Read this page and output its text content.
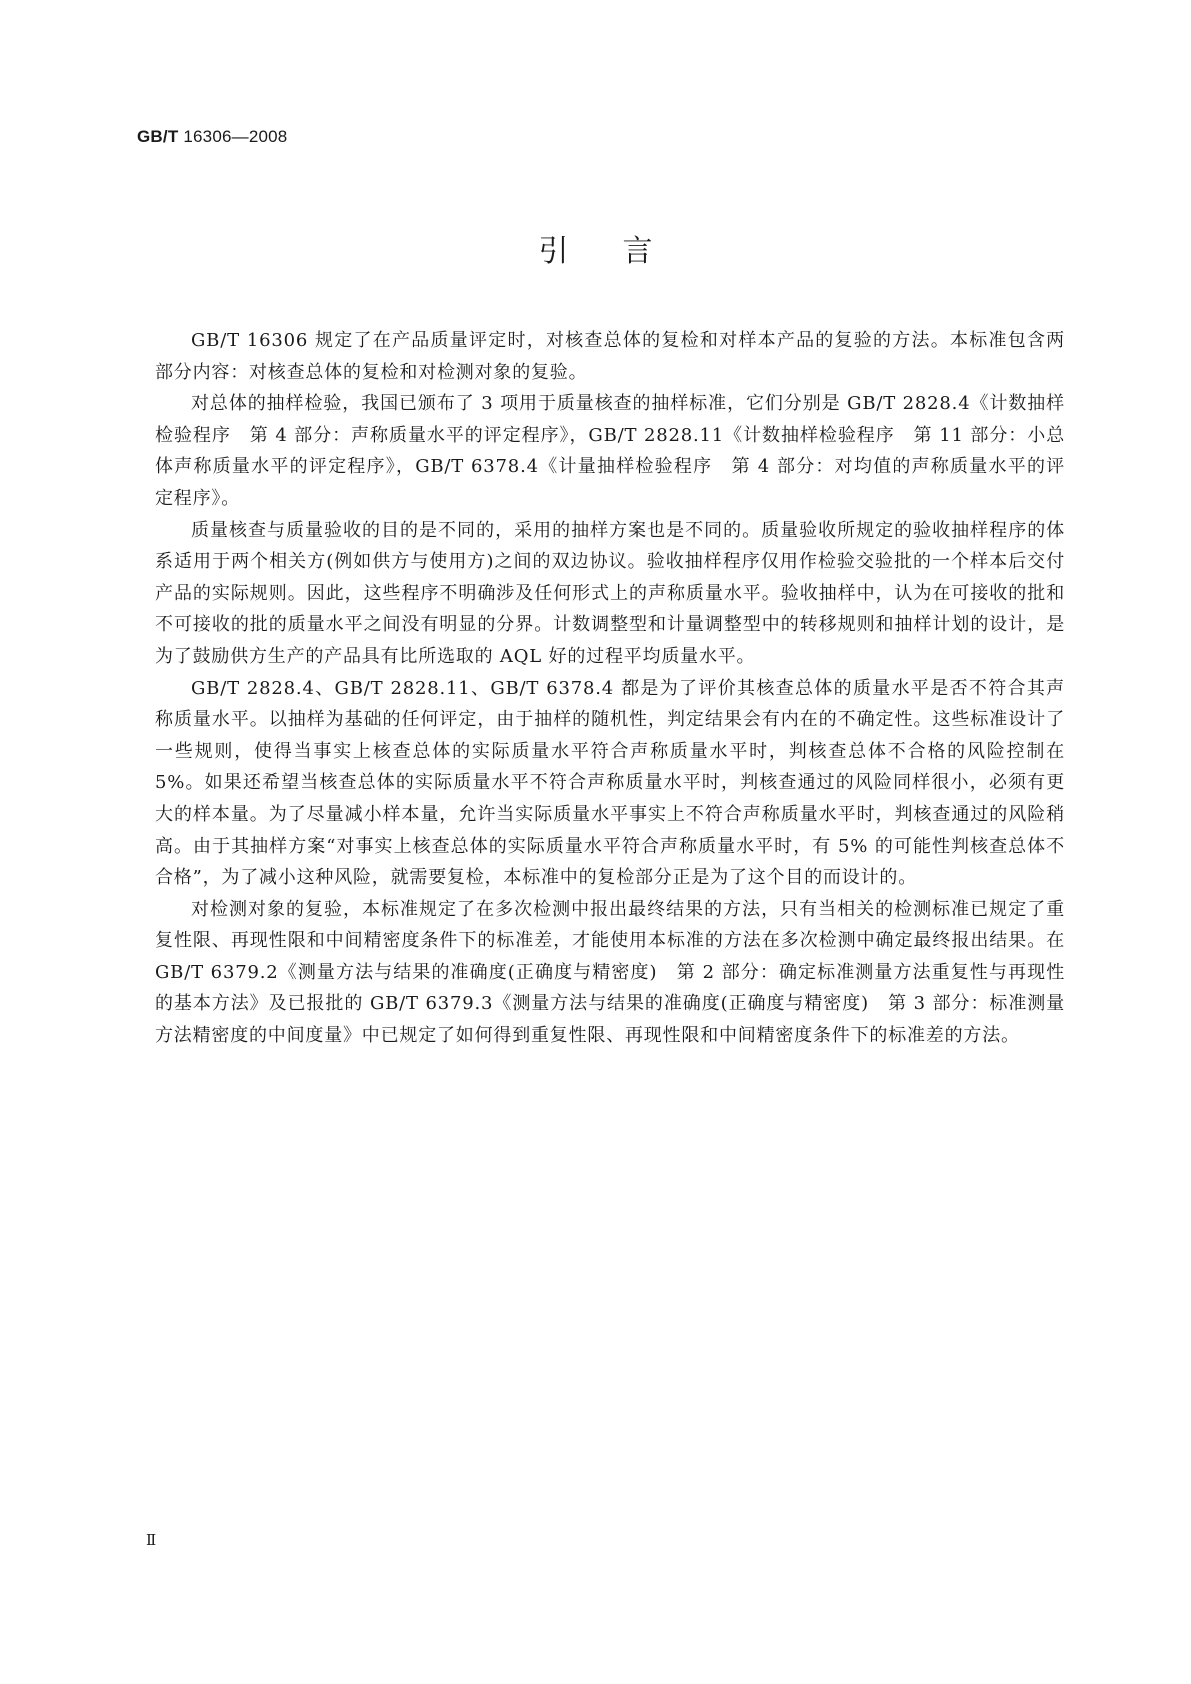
GB/T 16306—2008
引言

GB/T 16306 规定了在产品质量评定时，对核查总体的复检和对样本产品的复验的方法。本标准包含两部分内容：对核查总体的复检和对检测对象的复验。

对总体的抽样检验，我国已颁布了 3 项用于质量核查的抽样标准，它们分别是 GB/T 2828.4《计数抽样检验程序　第 4 部分：声称质量水平的评定程序》，GB/T 2828.11《计数抽样检验程序　第 11 部分：小总体声称质量水平的评定程序》，GB/T 6378.4《计量抽样检验程序　第 4 部分：对均值的声称质量水平的评定程序》。

质量核查与质量验收的目的是不同的，采用的抽样方案也是不同的。质量验收所规定的验收抽样程序的体系适用于两个相关方(例如供方与使用方)之间的双边协议。验收抽样程序仅用作检验交验批的一个样本后交付产品的实际规则。因此，这些程序不明确涉及任何形式上的声称质量水平。验收抽样中，认为在可接收的批和不可接收的批的质量水平之间没有明显的分界。计数调整型和计量调整型中的转移规则和抽样计划的设计，是为了鼓励供方生产的产品具有比所选取的 AQL 好的过程平均质量水平。

GB/T 2828.4、GB/T 2828.11、GB/T 6378.4 都是为了评价其核查总体的质量水平是否不符合其声称质量水平。以抽样为基础的任何评定，由于抽样的随机性，判定结果会有内在的不确定性。这些标准设计了一些规则，使得当事实上核查总体的实际质量水平符合声称质量水平时，判核查总体不合格的风险控制在 5%。如果还希望当核查总体的实际质量水平不符合声称质量水平时，判核查通过的风险同样很小，必须有更大的样本量。为了尽量减小样本量，允许当实际质量水平事实上不符合声称质量水平时，判核查通过的风险稍高。由于其抽样方案“对事实上核查总体的实际质量水平符合声称质量水平时，有 5% 的可能性判核查总体不合格”，为了减小这种风险，就需要复检，本标准中的复检部分正是为了这个目的而设计的。

对检测对象的复验，本标准规定了在多次检测中报出最终结果的方法，只有当相关的检测标准已规定了重复性限、再现性限和中间精密度条件下的标准差，才能使用本标准的方法在多次检测中确定最终报出结果。在 GB/T 6379.2《测量方法与结果的准确度(正确度与精密度)　第 2 部分：确定标准测量方法重复性与再现性的基本方法》及已报批的 GB/T 6379.3《测量方法与结果的准确度(正确度与精密度)　第 3 部分：标准测量方法精密度的中间度量》中已规定了如何得到重复性限、再现性限和中间精密度条件下的标准差的方法。

Ⅱ
